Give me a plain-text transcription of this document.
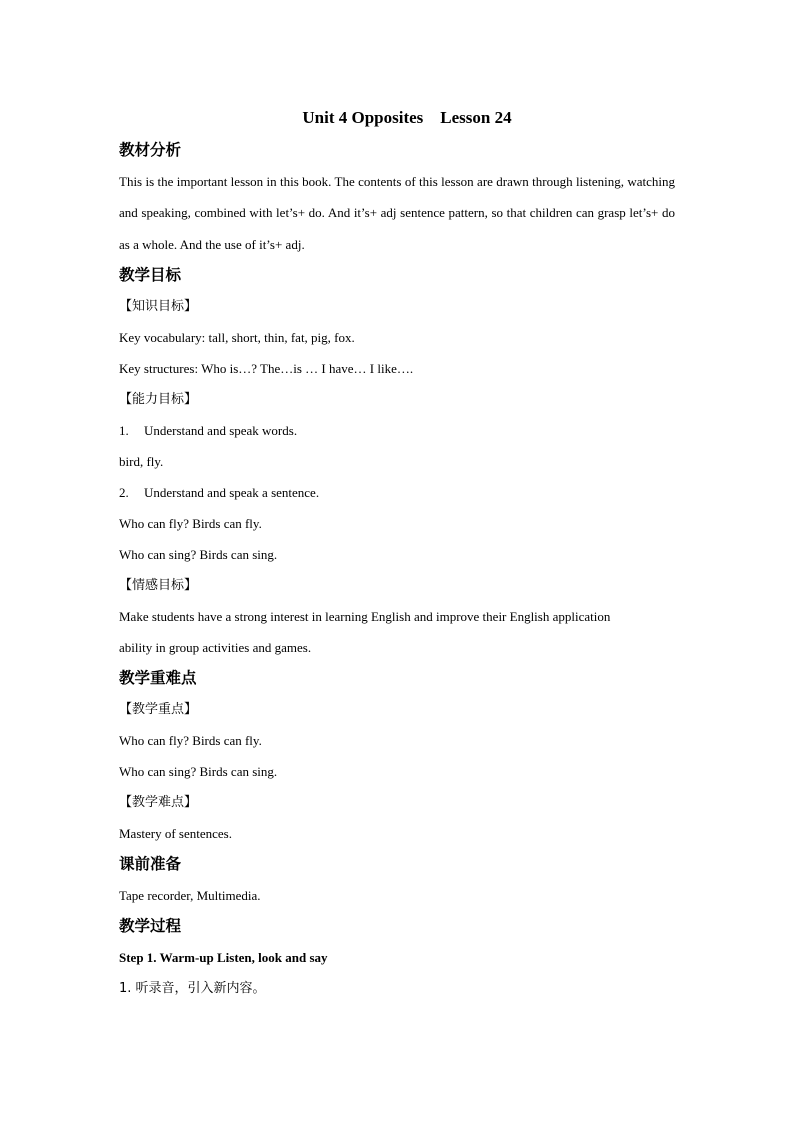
Unit 4 Opposites    Lesson 24
教材分析
This is the important lesson in this book. The contents of this lesson are drawn through listening, watching and speaking, combined with let’s+ do. And it’s+ adj sentence pattern, so that children can grasp let’s+ do as a whole. And the use of it’s+ adj.
教学目标
【知识目标】
Key vocabulary: tall, short, thin, fat, pig, fox.
Key structures: Who is…? The…is … I have… I like….
【能力目标】
1. Understand and speak words.
bird, fly.
2. Understand and speak a sentence.
Who can fly? Birds can fly.
Who can sing? Birds can sing.
【情感目标】
Make students have a strong interest in learning English and improve their English application
ability in group activities and games.
教学重难点
【教学重点】
Who can fly? Birds can fly.
Who can sing? Birds can sing.
【教学难点】
Mastery of sentences.
课前准备
Tape recorder, Multimedia.
教学过程
Step 1. Warm-up Listen, look and say
1. 听录音，引入新内容。
